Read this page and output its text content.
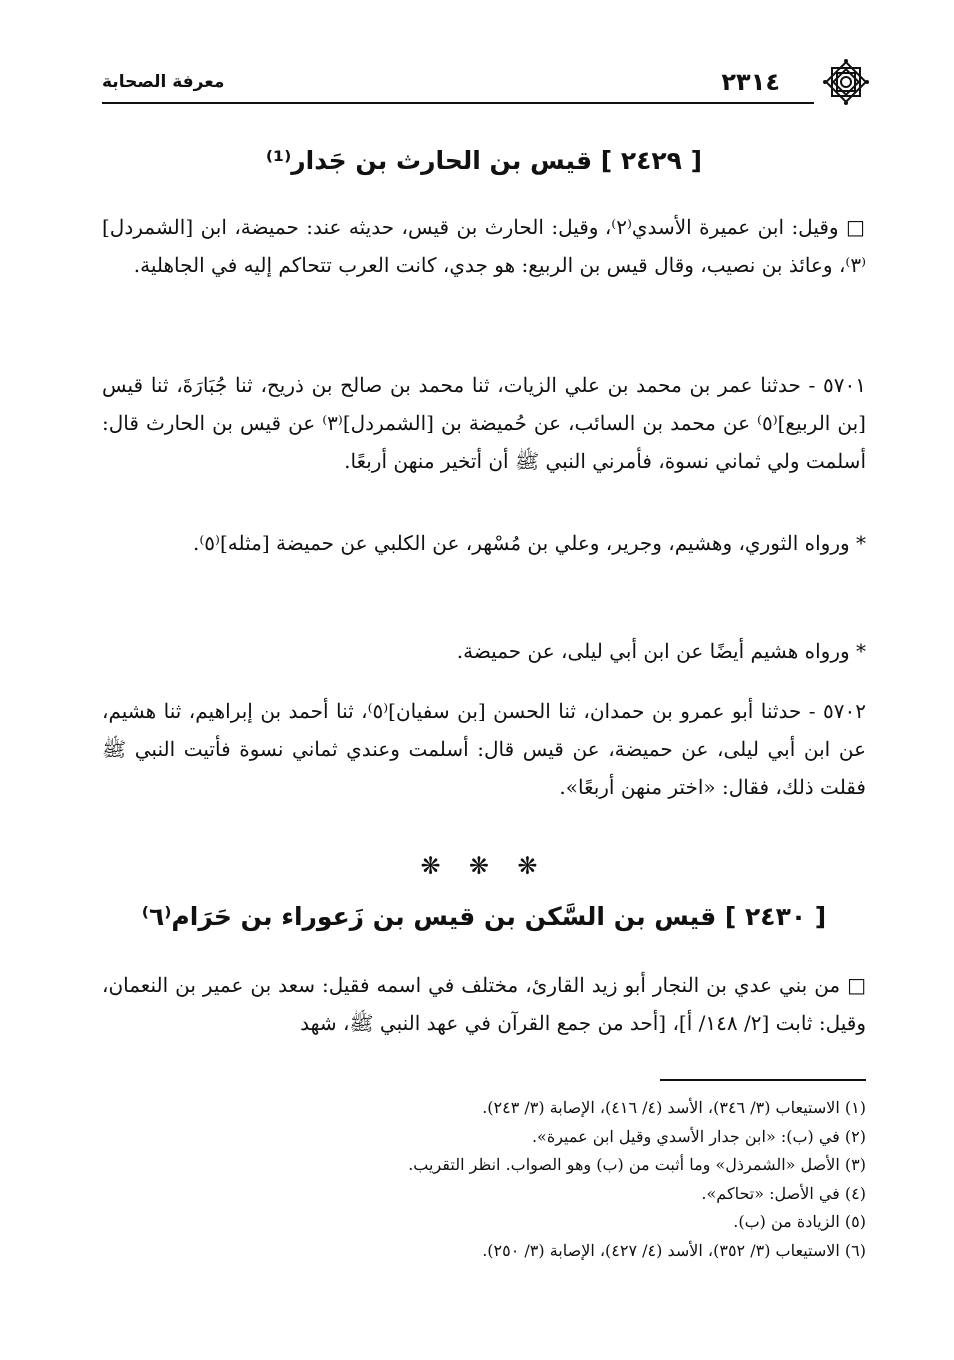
٢٣١٤
معرفة الصحابة
[ ٢٤٢٩ ] قيس بن الحارث بن جَدار⁽¹⁾

□ وقيل: ابن عميرة الأسدي⁽٢⁾، وقيل: الحارث بن قيس، حديثه عند: حميضة، ابن [الشمردل]⁽٣⁾، وعائذ بن نصيب، وقال قيس بن الربيع: هو جدي، كانت العرب تتحاكم إليه في الجاهلية.

٥٧٠١ - حدثنا عمر بن محمد بن علي الزيات، ثنا محمد بن صالح بن ذريح، ثنا جُبَارَةَ، ثنا قيس [بن الربيع]⁽٥⁾ عن محمد بن السائب، عن حُميضة بن [الشمردل]⁽٣⁾ عن قيس بن الحارث قال: أسلمت ولي ثماني نسوة، فأمرني النبي ﷺ أن أتخير منهن أربعًا.

* ورواه الثوري، وهشيم، وجرير، وعلي بن مُسْهر، عن الكلبي عن حميضة [مثله]⁽٥⁾.

* ورواه هشيم أيضًا عن ابن أبي ليلى، عن حميضة.

٥٧٠٢ - حدثنا أبو عمرو بن حمدان، ثنا الحسن [بن سفيان]⁽٥⁾، ثنا أحمد بن إبراهيم، ثنا هشيم، عن ابن أبي ليلى، عن حميضة، عن قيس قال: أسلمت وعندي ثماني نسوة فأتيت النبي ﷺ فقلت ذلك، فقال: «اختر منهن أربعًا».

❋ ❋ ❋
[ ٢٤٣٠ ] قيس بن السَّكن بن قيس بن زَعوراء بن حَرَام⁽٦⁾

□ من بني عدي بن النجار أبو زيد القارئ، مختلف في اسمه فقيل: سعد بن عمير بن النعمان، وقيل: ثابت [٢/ ١٤٨/ أ]، [أحد من جمع القرآن في عهد النبي ﷺ، شهد

(١) الاستيعاب (٣/ ٣٤٦)، الأسد (٤/ ٤١٦)، الإصابة (٣/ ٢٤٣).

(٢) في (ب): «ابن جدار الأسدي وقيل ابن عميرة».

(٣) الأصل «الشمرذل» وما أثبت من (ب) وهو الصواب. انظر التقريب.

(٤) في الأصل: «تحاكم».

(٥) الزيادة من (ب).

(٦) الاستيعاب (٣/ ٣٥٢)، الأسد (٤/ ٤٢٧)، الإصابة (٣/ ٢٥٠).
